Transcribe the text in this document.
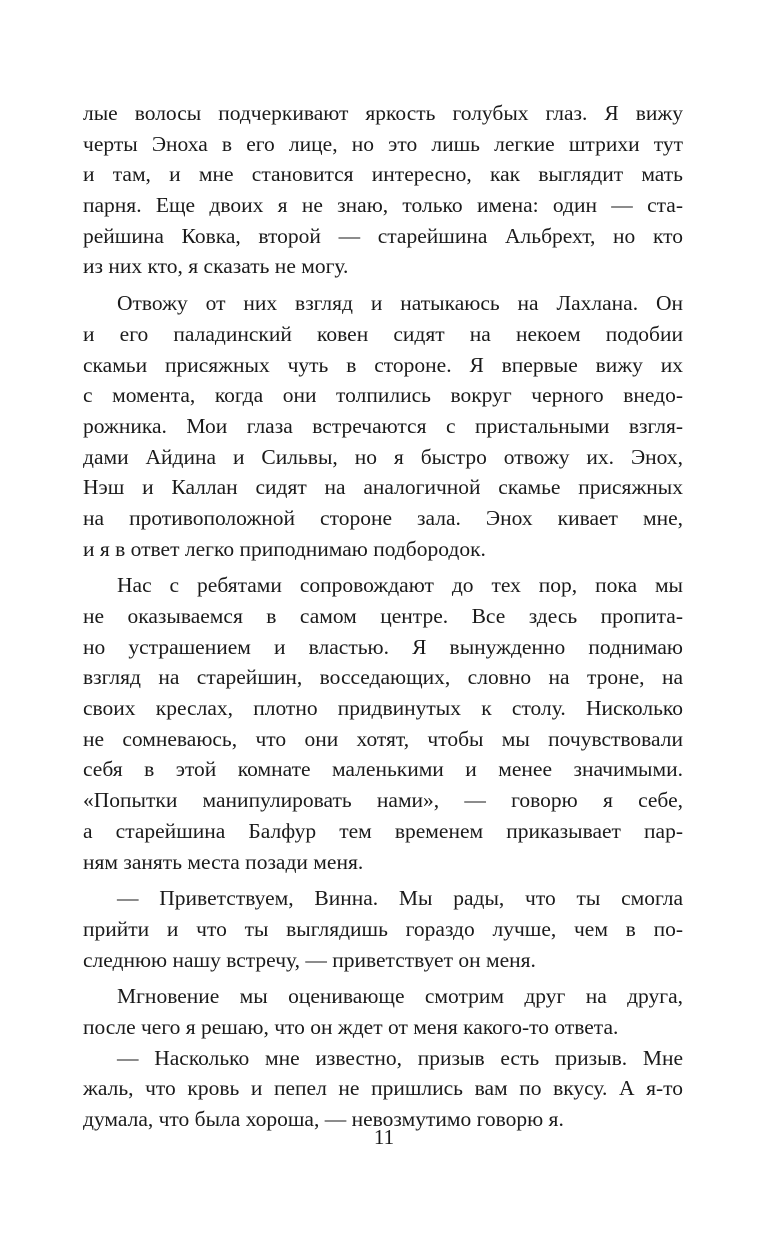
лые волосы подчеркивают яркость голубых глаз. Я вижу
черты Эноха в его лице, но это лишь легкие штрихи тут
и там, и мне становится интересно, как выглядит мать
парня. Еще двоих я не знаю, только имена: один — ста-
рейшина Ковка, второй — старейшина Альбрехт, но кто
из них кто, я сказать не могу.
Отвожу от них взгляд и натыкаюсь на Лахлана. Он
и его паладинский ковен сидят на некоем подобии
скамьи присяжных чуть в стороне. Я впервые вижу их
с момента, когда они толпились вокруг черного внедо-
рожника. Мои глаза встречаются с пристальными взгля-
дами Айдина и Сильвы, но я быстро отвожу их. Энох,
Нэш и Каллан сидят на аналогичной скамье присяжных
на противоположной стороне зала. Энох кивает мне,
и я в ответ легко приподнимаю подбородок.
Нас с ребятами сопровождают до тех пор, пока мы
не оказываемся в самом центре. Все здесь пропита-
но устрашением и властью. Я вынужденно поднимаю
взгляд на старейшин, восседающих, словно на троне, на
своих креслах, плотно придвинутых к столу. Нисколько
не сомневаюсь, что они хотят, чтобы мы почувствовали
себя в этой комнате маленькими и менее значимыми.
«Попытки манипулировать нами», — говорю я себе,
а старейшина Балфур тем временем приказывает пар-
ням занять места позади меня.
— Приветствуем, Винна. Мы рады, что ты смогла
прийти и что ты выглядишь гораздо лучше, чем в по-
следнюю нашу встречу, — приветствует он меня.
Мгновение мы оценивающе смотрим друг на друга,
после чего я решаю, что он ждет от меня какого-то ответа.
— Насколько мне известно, призыв есть призыв. Мне
жаль, что кровь и пепел не пришлись вам по вкусу. А я-то
думала, что была хороша, — невозмутимо говорю я.
11
